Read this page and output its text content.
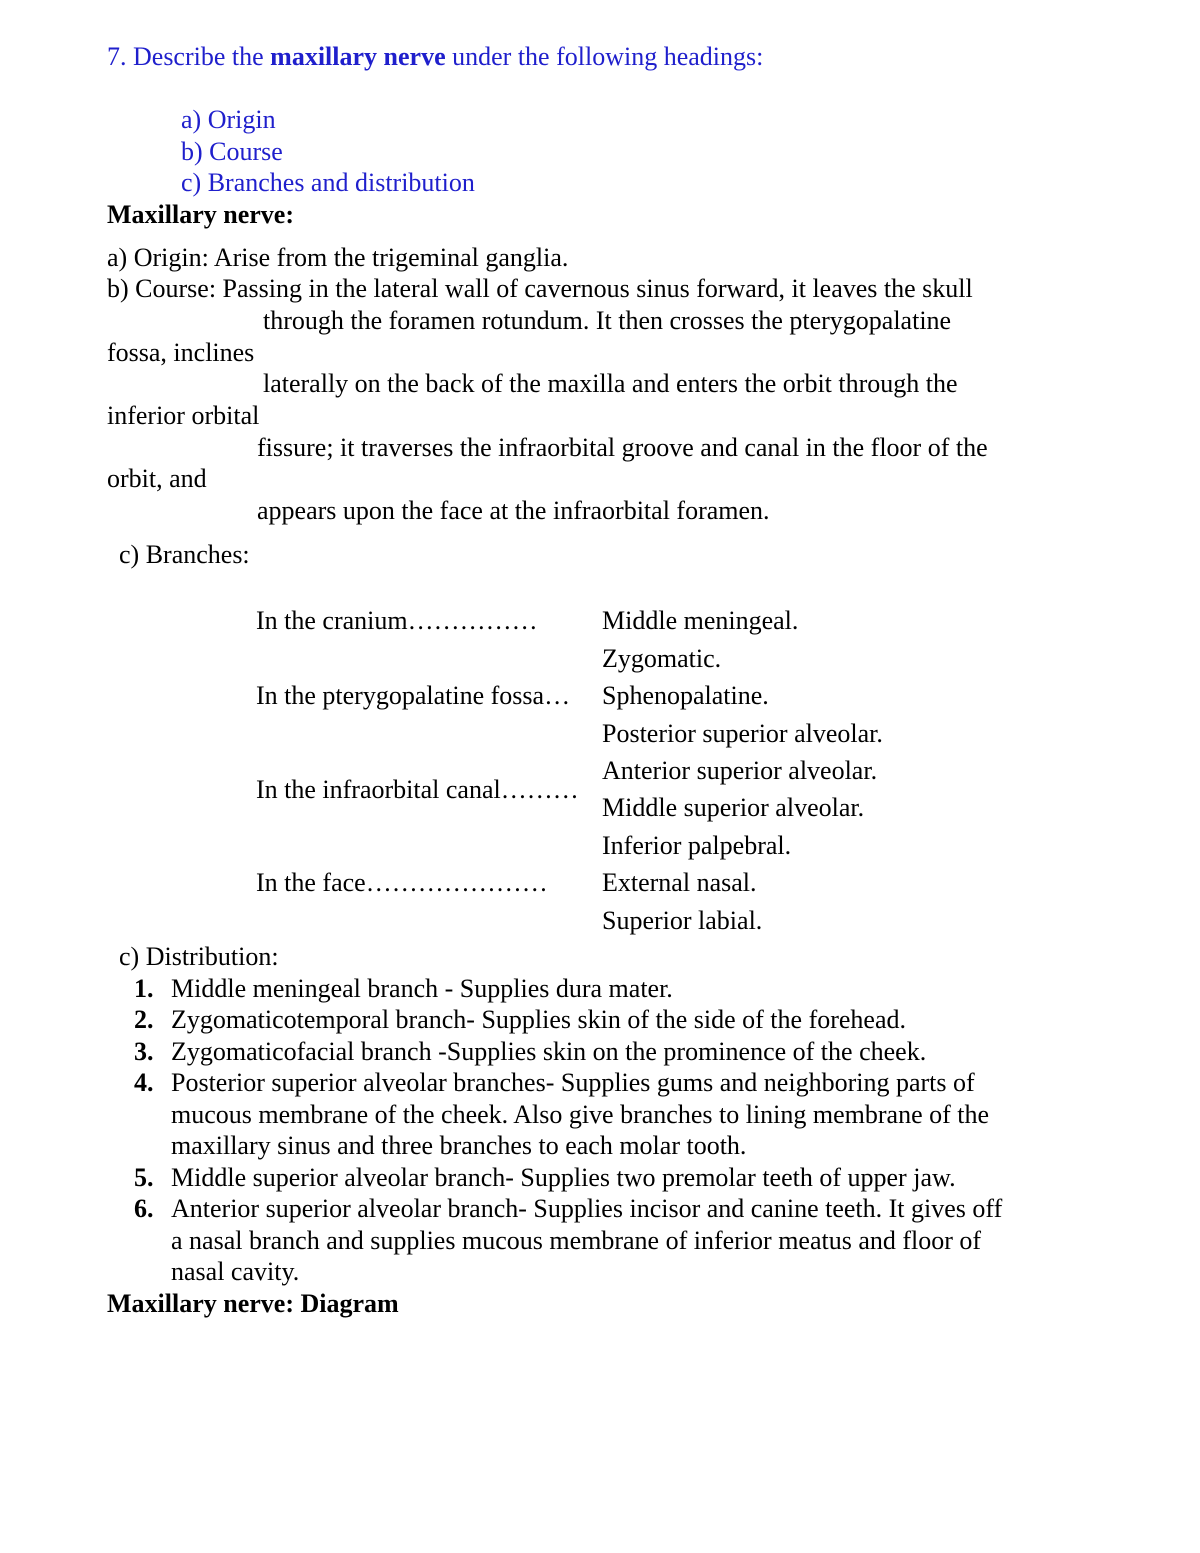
7. Describe the maxillary nerve under the following headings:
a) Origin
b) Course
c) Branches and distribution
Maxillary nerve:
a) Origin: Arise from the trigeminal ganglia.
b) Course: Passing in the lateral wall of cavernous sinus forward, it leaves the skull
through the foramen rotundum. It then crosses the pterygopalatine
fossa, inclines
laterally on the back of the maxilla and enters the orbit through the
inferior orbital
fissure; it traverses the infraorbital groove and canal in the floor of the
orbit, and
appears upon the face at the infraorbital foramen.
c) Branches:
In the cranium……………
In the pterygopalatine fossa…
In the infraorbital canal………
In the face…………………
Middle meningeal.
Zygomatic.
Sphenopalatine.
Posterior superior alveolar.
Anterior superior alveolar.
Middle superior alveolar.
Inferior palpebral.
External nasal.
Superior labial.
c) Distribution:
1. Middle meningeal branch - Supplies dura mater.
2. Zygomaticotemporal branch- Supplies skin of the side of the forehead.
3. Zygomaticofacial branch -Supplies skin on the prominence of the cheek.
4. Posterior superior alveolar branches- Supplies gums and neighboring parts of
mucous membrane of the cheek. Also give branches to lining membrane of the
maxillary sinus and three branches to each molar tooth.
5. Middle superior alveolar branch- Supplies two premolar teeth of upper jaw.
6. Anterior superior alveolar branch- Supplies incisor and canine teeth. It gives off
a nasal branch and supplies mucous membrane of inferior meatus and floor of
nasal cavity.
Maxillary nerve: Diagram
